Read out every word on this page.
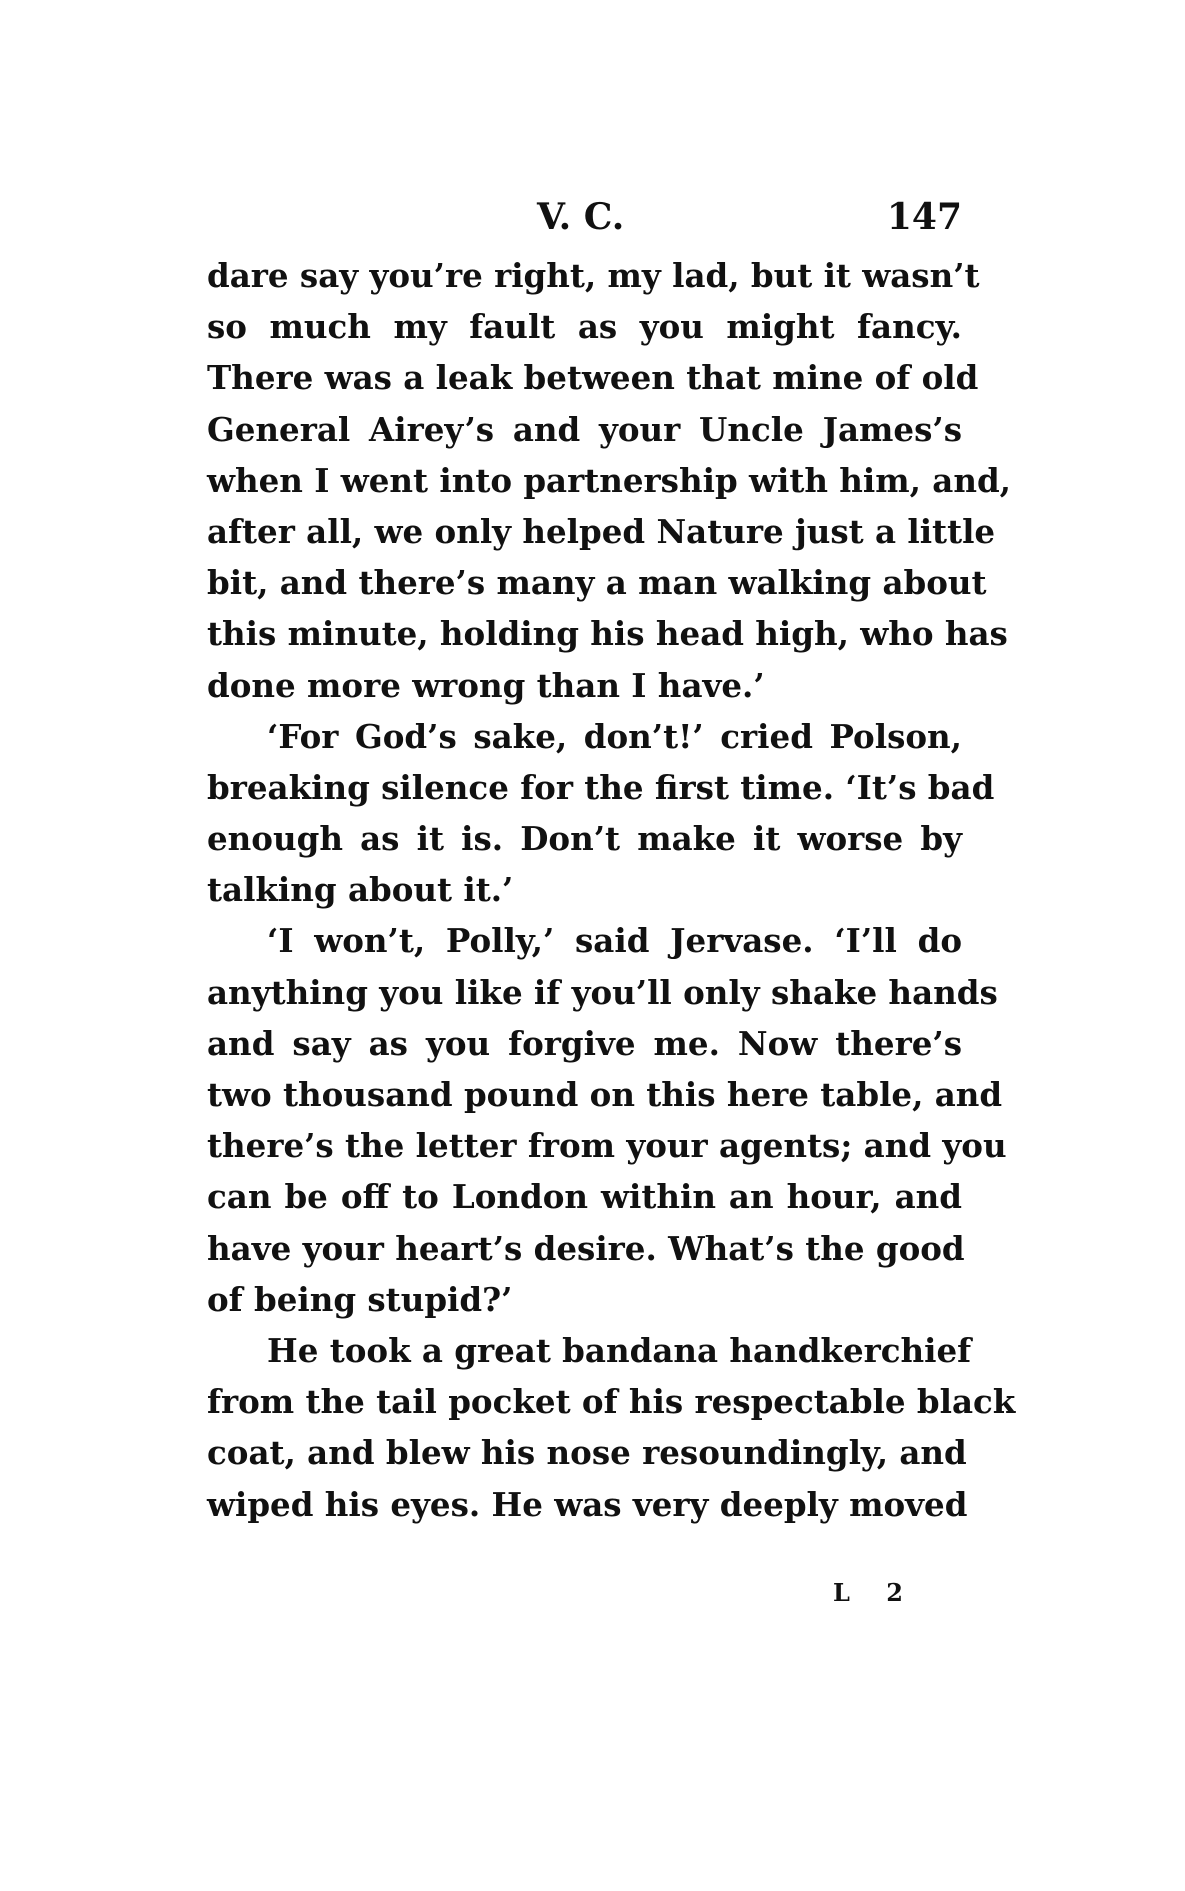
V. C.	147
dare say you’re right, my lad, but it wasn’t
so much my fault as you might fancy.
There was a leak between that mine of old
General Airey’s and your Uncle James’s
when I went into partnership with him, and,
after all, we only helped Nature just a little
bit, and there’s many a man walking about
this minute, holding his head high, who has
done more wrong than I have.’
‘For God’s sake, don’t!’ cried Polson,
breaking silence for the first time. ‘It’s bad
enough as it is. Don’t make it worse by
talking about it.’
‘I won’t, Polly,’ said Jervase. ‘I’ll do
anything you like if you’ll only shake hands
and say as you forgive me. Now there’s
two thousand pound on this here table, and
there’s the letter from your agents; and you
can be off to London within an hour, and
have your heart’s desire. What’s the good
of being stupid?’
He took a great bandana handkerchief
from the tail pocket of his respectable black
coat, and blew his nose resoundingly, and
wiped his eyes. He was very deeply moved
L 2
